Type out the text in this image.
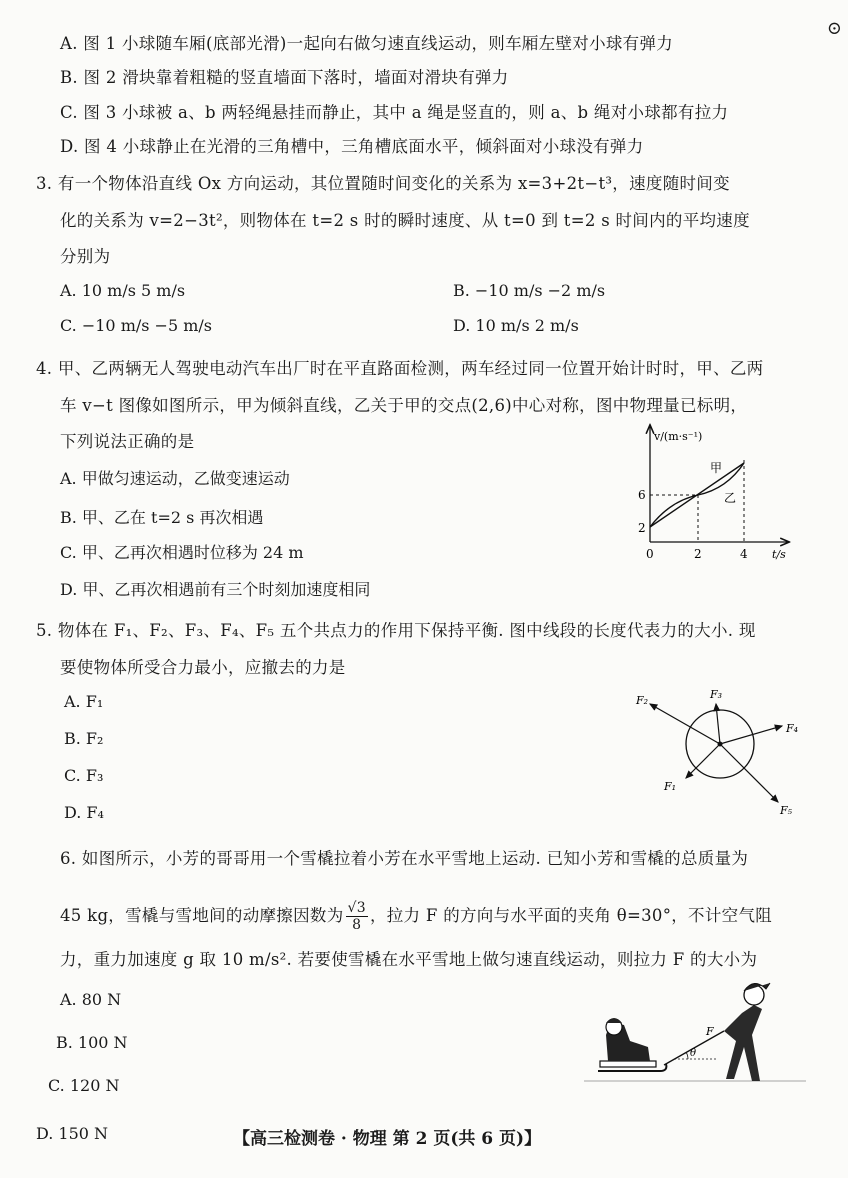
A. 图 1 小球随车厢(底部光滑)一起向右做匀速直线运动，则车厢左壁对小球有弹力
B. 图 2 滑块靠着粗糙的竖直墙面下落时，墙面对滑块有弹力
C. 图 3 小球被 a、b 两轻绳悬挂而静止，其中 a 绳是竖直的，则 a、b 绳对小球都有拉力
D. 图 4 小球静止在光滑的三角槽中，三角槽底面水平，倾斜面对小球没有弹力
⊙
3. 有一个物体沿直线 Ox 方向运动，其位置随时间变化的关系为 x=3+2t−t³，速度随时间变
化的关系为 v=2−3t²，则物体在 t=2 s 时的瞬时速度、从 t=0 到 t=2 s 时间内的平均速度
分别为
A. 10 m/s 5 m/s	B. −10 m/s −2 m/s
C. −10 m/s −5 m/s	D. 10 m/s 2 m/s
4. 甲、乙两辆无人驾驶电动汽车出厂时在平直路面检测，两车经过同一位置开始计时时，甲、乙两
车 v−t 图像如图所示，甲为倾斜直线，乙关于甲的交点(2,6)中心对称，图中物理量已标明，
下列说法正确的是
A. 甲做匀速运动，乙做变速运动
B. 甲、乙在 t=2 s 再次相遇
C. 甲、乙再次相遇时位移为 24 m
D. 甲、乙再次相遇前有三个时刻加速度相同
v/(m·s⁻¹)
t/s
6
2
0	2	4
甲
乙
5. 物体在 F₁、F₂、F₃、F₄、F₅ 五个共点力的作用下保持平衡. 图中线段的长度代表力的大小. 现
要使物体所受合力最小，应撤去的力是
A. F₁
B. F₂
C. F₃
D. F₄
F₁
F₂	F₃
F₄
F₅
6. 如图所示，小芳的哥哥用一个雪橇拉着小芳在水平雪地上运动. 已知小芳和雪橇的总质量为
45 kg，雪橇与雪地间的动摩擦因数为 $\frac{√3}{8}$ ，拉力 F 的方向与水平面的夹角 θ=30°，不计空气阻
力，重力加速度 g 取 10 m/s². 若要使雪橇在水平雪地上做匀速直线运动，则拉力 F 的大小为
A. 80 N
B. 100 N
C. 120 N
D. 150 N
θ
F
【高三检测卷 · 物理 第 2 页(共 6 页)】
